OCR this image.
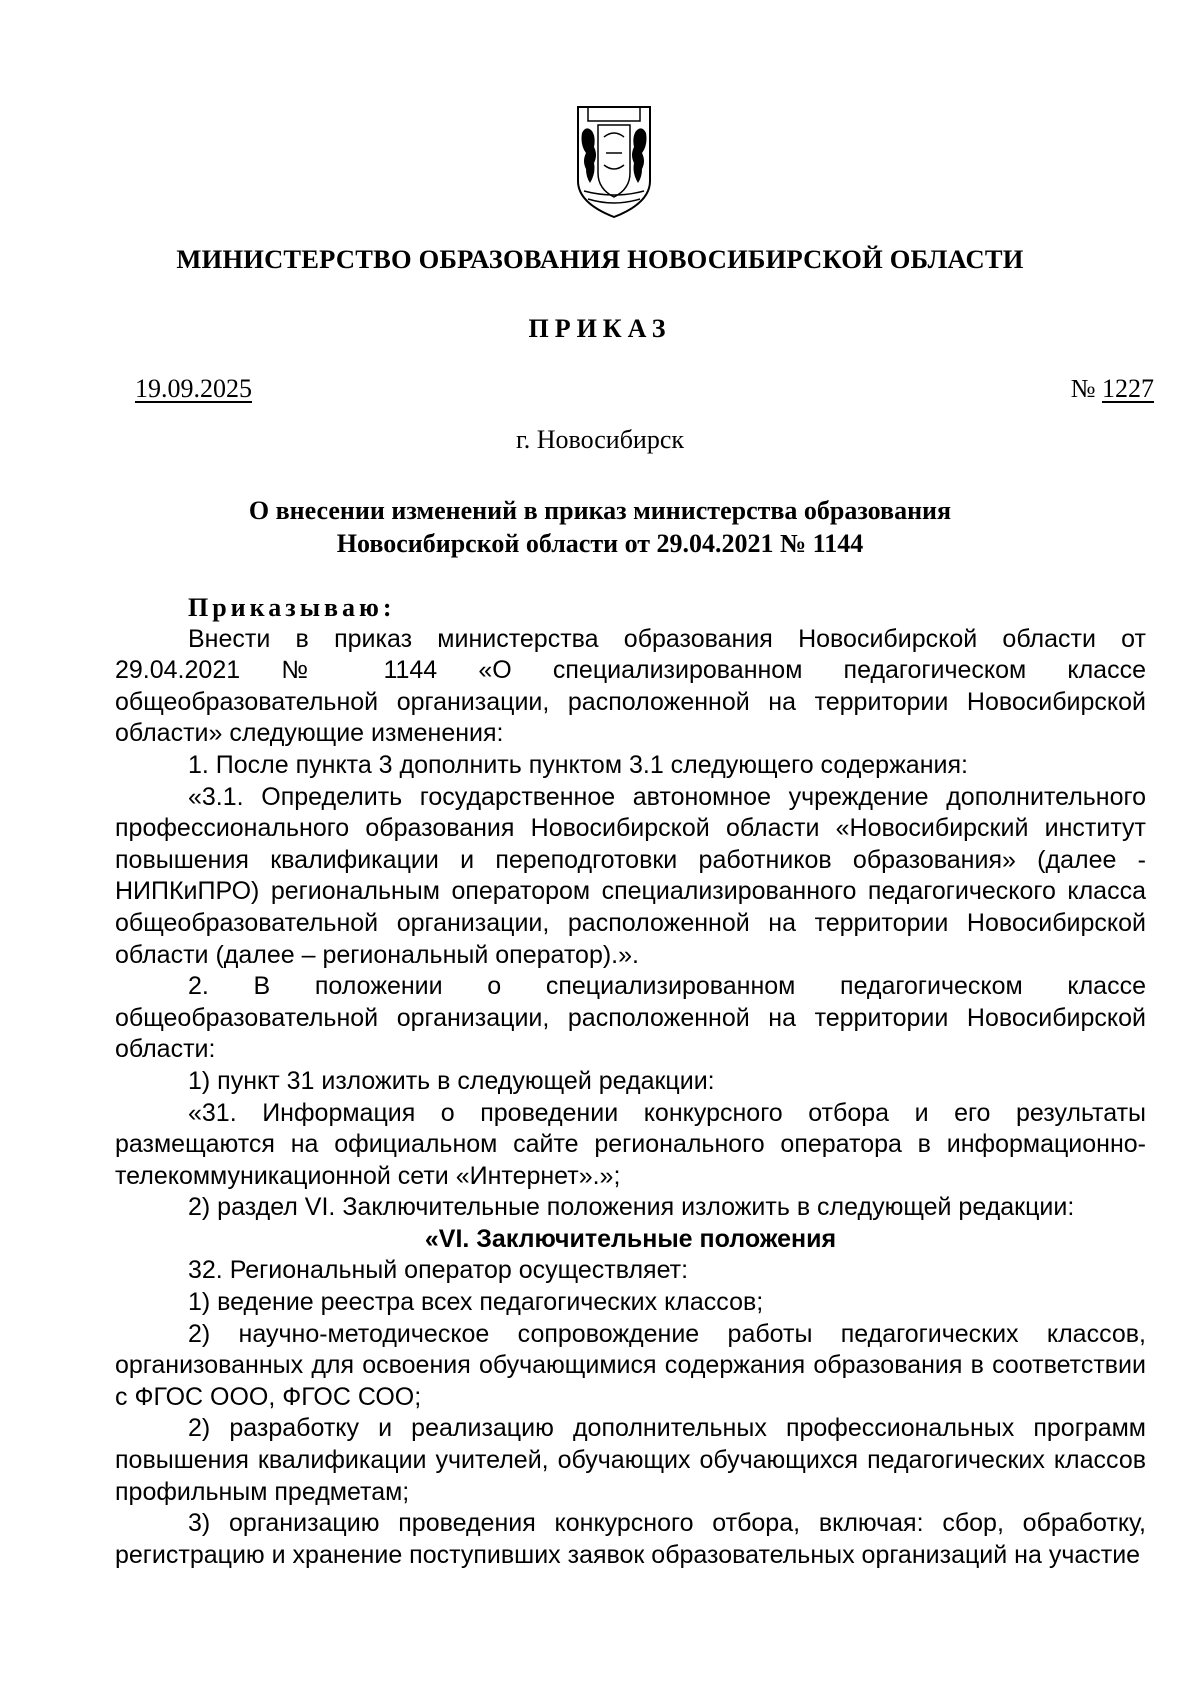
МИНИСТЕРСТВО ОБРАЗОВАНИЯ НОВОСИБИРСКОЙ ОБЛАСТИ
ПРИКАЗ
19.09.2025	№ 1227
г. Новосибирск
О внесении изменений в приказ министерства образования
Новосибирской области от 29.04.2021 № 1144

Приказываю:

Внести в приказ министерства образования Новосибирской области от 29.04.2021 № 1144 «О специализированном педагогическом классе общеобразовательной организации, расположенной на территории Новосибирской области» следующие изменения:

1. После пункта 3 дополнить пунктом 3.1 следующего содержания:

«3.1. Определить государственное автономное учреждение дополнительного профессионального образования Новосибирской области «Новосибирский институт повышения квалификации и переподготовки работников образования» (далее - НИПКиПРО) региональным оператором специализированного педагогического класса общеобразовательной организации, расположенной на территории Новосибирской области (далее – региональный оператор).».

2. В положении о специализированном педагогическом классе общеобразовательной организации, расположенной на территории Новосибирской области:

1) пункт 31 изложить в следующей редакции:

«31. Информация о проведении конкурсного отбора и его результаты размещаются на официальном сайте регионального оператора в информационно-телекоммуникационной сети «Интернет».»;

2) раздел VI. Заключительные положения изложить в следующей редакции:

«VI. Заключительные положения

32. Региональный оператор осуществляет:

1) ведение реестра всех педагогических классов;

2) научно-методическое сопровождение работы педагогических классов, организованных для освоения обучающимися содержания образования в соответствии с ФГОС ООО, ФГОС СОО;

2) разработку и реализацию дополнительных профессиональных программ повышения квалификации учителей, обучающих обучающихся педагогических классов профильным предметам;

3) организацию проведения конкурсного отбора, включая: сбор, обработку, регистрацию и хранение поступивших заявок образовательных организаций на участие
